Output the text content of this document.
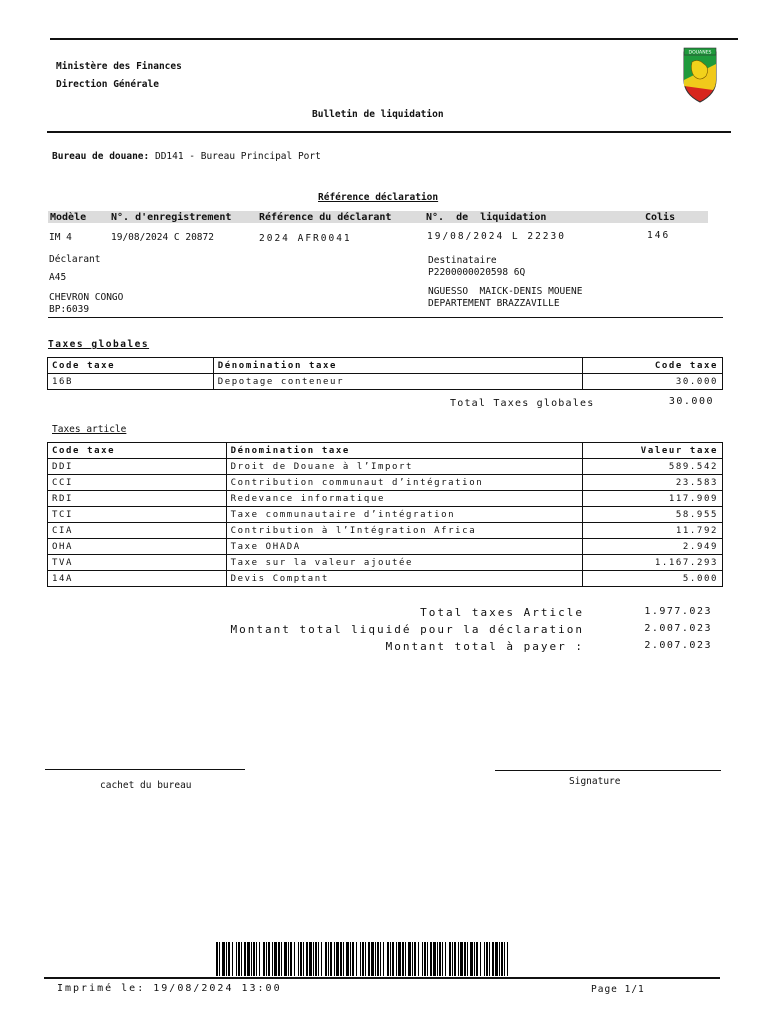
Ministère des Finances
Direction Générale
Bulletin de liquidation
DOUANES
Bureau de douane: DD141 - Bureau Principal Port
Référence déclaration
Modèle N°. d'enregistrement	Référence du déclarant	N°.  de  liquidation	Colis
IM 4	19/08/2024 C 20872	2024 AFR0041	19/08/2024 L 22230	146
Déclarant
A45
CHEVRON CONGO
BP:6039
Destinataire
P2200000020598 6Q
NGUESSO  MAICK-DENIS MOUENE
DEPARTEMENT BRAZZAVILLE
Taxes globales
Code taxe	Dénomination taxe	Code taxe
16B	Depotage conteneur	30.000
Total Taxes globales	30.000
Taxes article
Code taxe	Dénomination taxe	Valeur taxe
DDI	Droit de Douane à l’Import	589.542
CCI	Contribution communaut d’intégration	23.583
RDI	Redevance informatique	117.909
TCI	Taxe communautaire d’intégration	58.955
CIA	Contribution à l’Intégration Africa	11.792
OHA	Taxe OHADA	2.949
TVA	Taxe sur la valeur ajoutée	1.167.293
14A	Devis Comptant	5.000
Total taxes Article	1.977.023
Montant total liquidé pour la déclaration	2.007.023
Montant total à payer :	2.007.023
cachet du bureau	Signature
Imprimé le: 19/08/2024 13:00	Page 1/1
